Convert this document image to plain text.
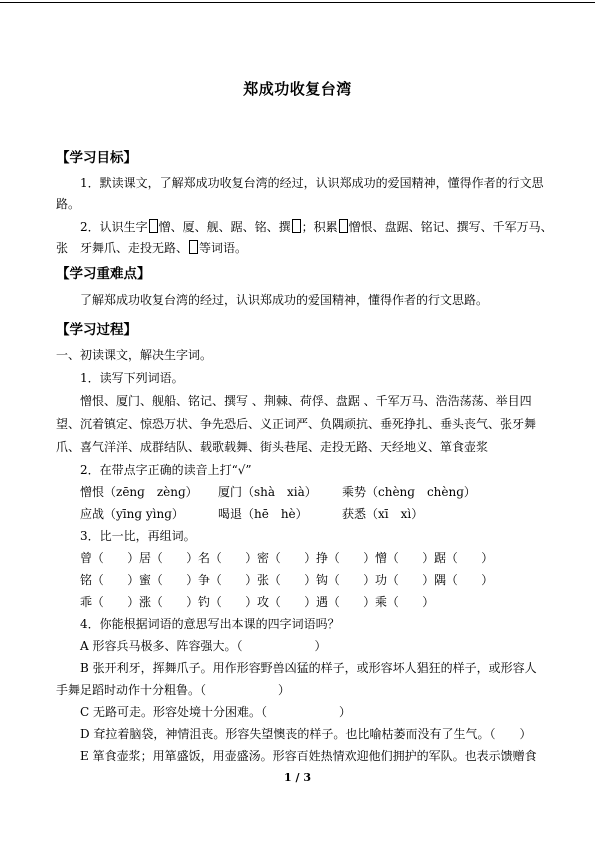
郑成功收复台湾
【学习目标】
1．默读课文，了解郑成功收复台湾的经过，认识郑成功的爱国精神，懂得作者的行文思
路。
2．认识生字 憎、厦、舰、踞、铭、撰 ；积累 憎恨、盘踞、铭记、撰写、千军万马、
张　牙舞爪、走投无路、 等词语。
【学习重难点】
了解郑成功收复台湾的经过，认识郑成功的爱国精神，懂得作者的行文思路。
【学习过程】
一、初读课文，解决生字词。
1．读写下列词语。
憎恨、厦门、舰船、铭记、撰写 、荆棘、荷俘、盘踞 、千军万马、浩浩荡荡、举目四
望、沉着镇定、惊恐万状、争先恐后、义正词严、负隅顽抗、垂死挣扎、垂头丧气、张牙舞
爪、喜气洋洋、成群结队、载歌载舞、街头巷尾、走投无路、天经地义、箪食壶浆
2．在带点字正确的读音上打“√”
憎恨（zēnɡ　zènɡ） 厦门（shà　xià） 乘势（chènɡ　chènɡ）
应战（yīnɡ yìnɡ）	喝退（hē　hè）	获悉（xī　xì）
3．比一比，再组词。
曾（　　）居（　　）名（　　）密（　　）挣（　　）憎（　　）踞（　　）
铭（　　）蜜（　　）争（　　）张（　　）钩（　　）功（　　）隅（　　）
乖（　　）涨（　　）钓（　　）攻（　　）遇（　　）乘（　　）
4．你能根据词语的意思写出本课的四字词语吗？
A 形容兵马极多、阵容强大。（　　　　　　）
B 张开利牙，挥舞爪子。用作形容野兽凶猛的样子，或形容坏人猖狂的样子，或形容人
手舞足蹈时动作十分粗鲁。（　　　　　　）
C 无路可走。形容处境十分困难。（　　　　　　）
D 耷拉着脑袋，神情沮丧。形容失望懊丧的样子。也比喻枯萎而没有了生气。（　　）
E 箪食壶浆；用箪盛饭，用壶盛汤。形容百姓热情欢迎他们拥护的军队。也表示馈赠食
1 / 3
